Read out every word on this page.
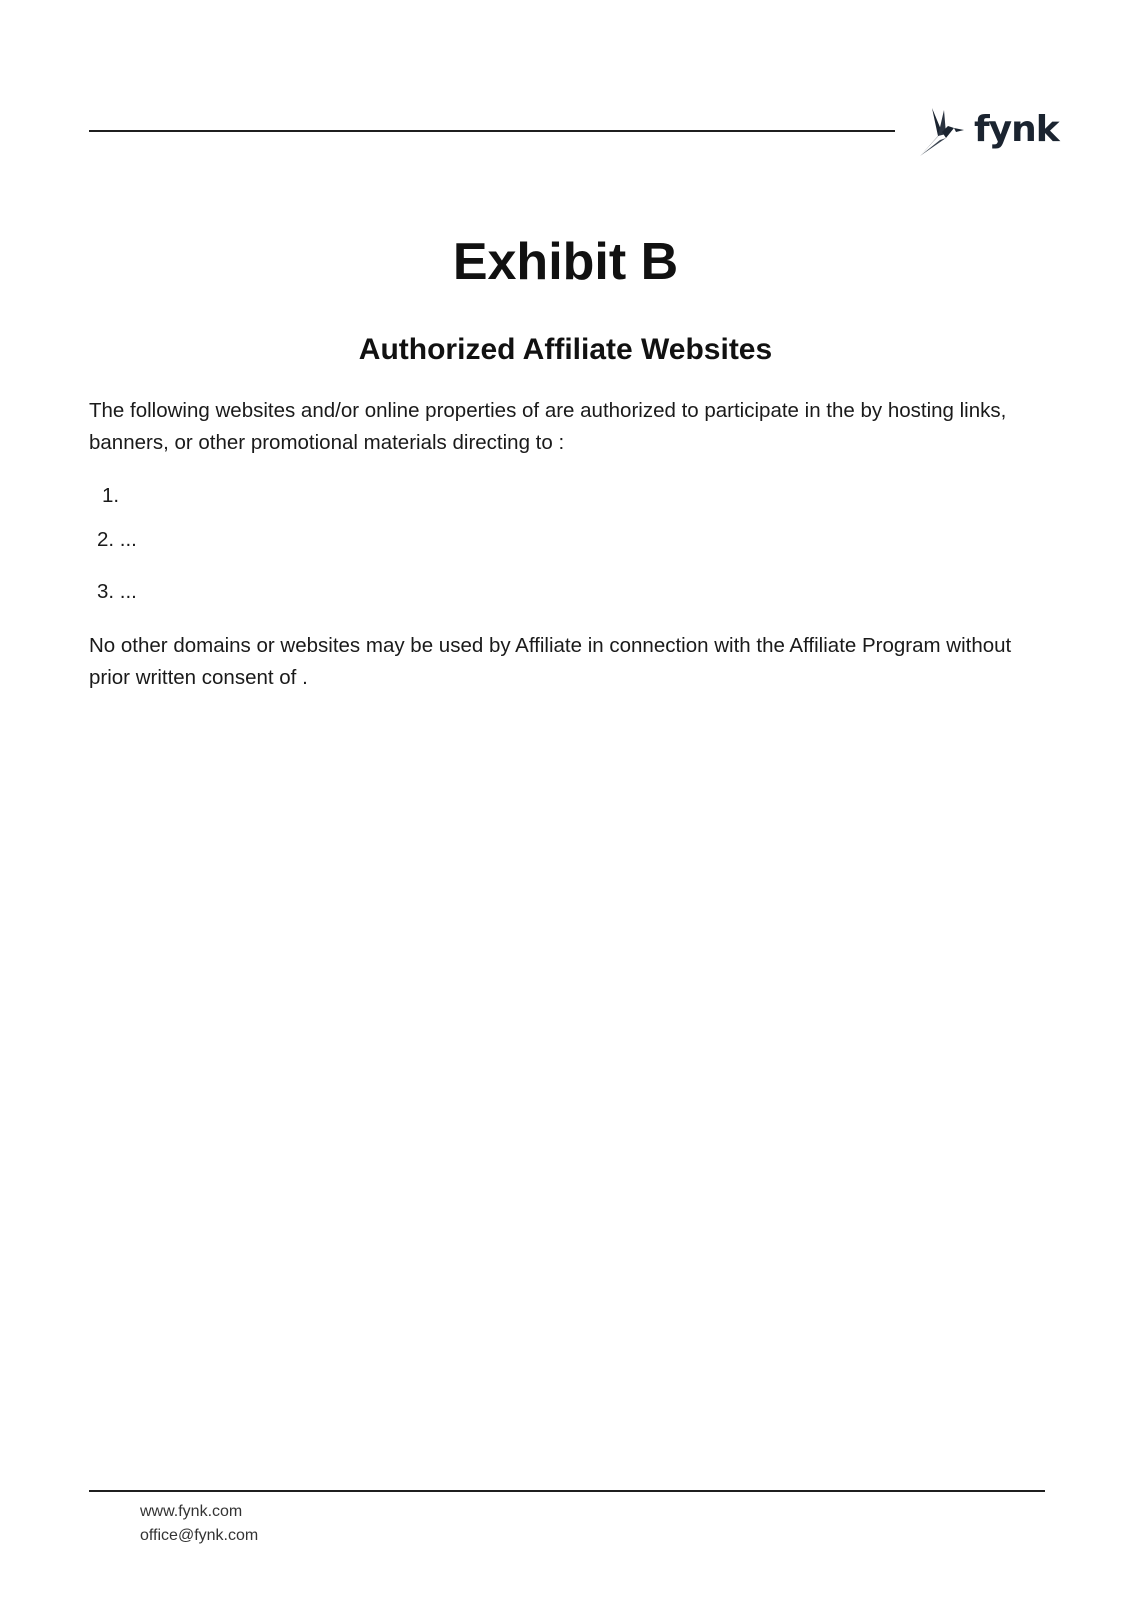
fynk
Exhibit B
Authorized Affiliate Websites
The following websites and/or online properties of are authorized to participate in the by hosting links, banners, or other promotional materials directing to :
1.
2. ...
3. ...
No other domains or websites may be used by Affiliate in connection with the Affiliate Program without prior written consent of .
www.fynk.com
office@fynk.com
